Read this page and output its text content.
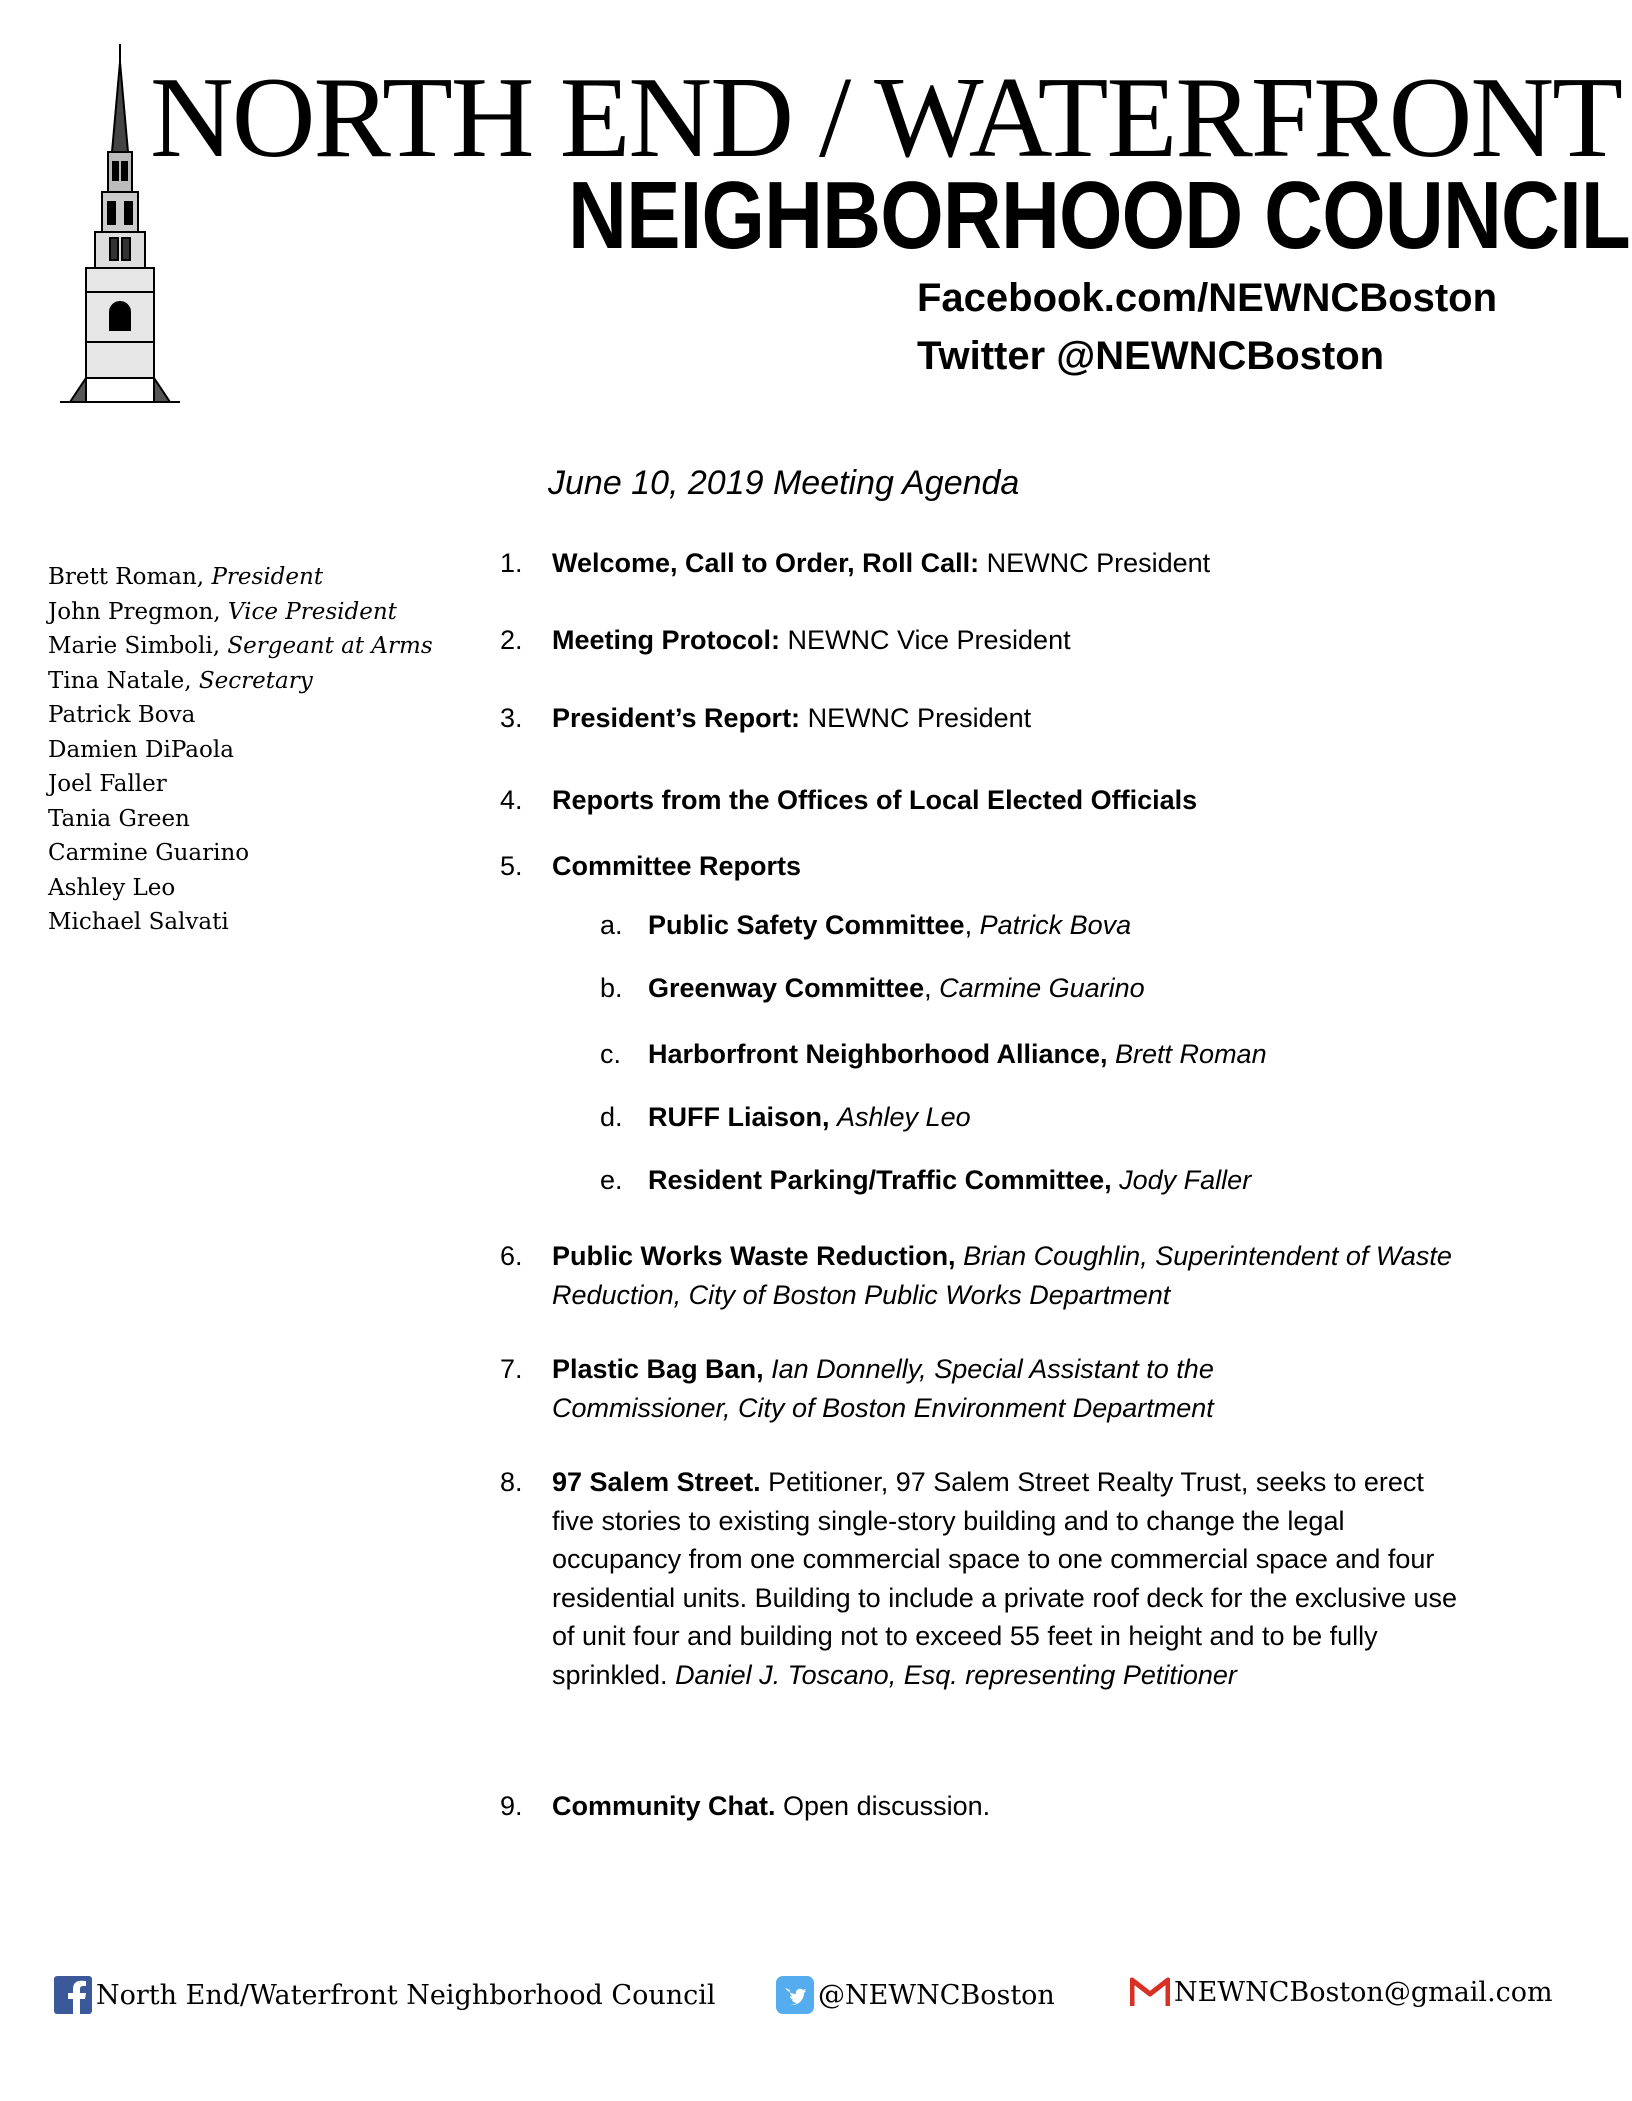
NORTH END / WATERFRONT
NEIGHBORHOOD COUNCIL
Facebook.com/NEWNCBoston
Twitter @NEWNCBoston
June 10, 2019 Meeting Agenda
Brett Roman, President
John Pregmon, Vice President
Marie Simboli, Sergeant at Arms
Tina Natale, Secretary
Patrick Bova
Damien DiPaola
Joel Faller
Tania Green
Carmine Guarino
Ashley Leo
Michael Salvati
1.	Welcome, Call to Order, Roll Call: NEWNC President
2.	Meeting Protocol: NEWNC Vice President
3.	President’s Report: NEWNC President
4.	Reports from the Offices of Local Elected Officials
5.	Committee Reports
a. Public Safety Committee, Patrick Bova
b. Greenway Committee, Carmine Guarino
c. Harborfront Neighborhood Alliance, Brett Roman
d. RUFF Liaison, Ashley Leo
e. Resident Parking/Traffic Committee, Jody Faller
6.	Public Works Waste Reduction, Brian Coughlin, Superintendent of Waste Reduction, City of Boston Public Works Department
7.	Plastic Bag Ban, Ian Donnelly, Special Assistant to the Commissioner, City of Boston Environment Department
8.	97 Salem Street. Petitioner, 97 Salem Street Realty Trust, seeks to erect five stories to existing single-story building and to change the legal occupancy from one commercial space to one commercial space and four residential units. Building to include a private roof deck for the exclusive use of unit four and building not to exceed 55 feet in height and to be fully sprinkled. Daniel J. Toscano, Esq. representing Petitioner
9.	Community Chat. Open discussion.
North End/Waterfront Neighborhood Council	@NEWNCBoston	NEWNCBoston@gmail.com
